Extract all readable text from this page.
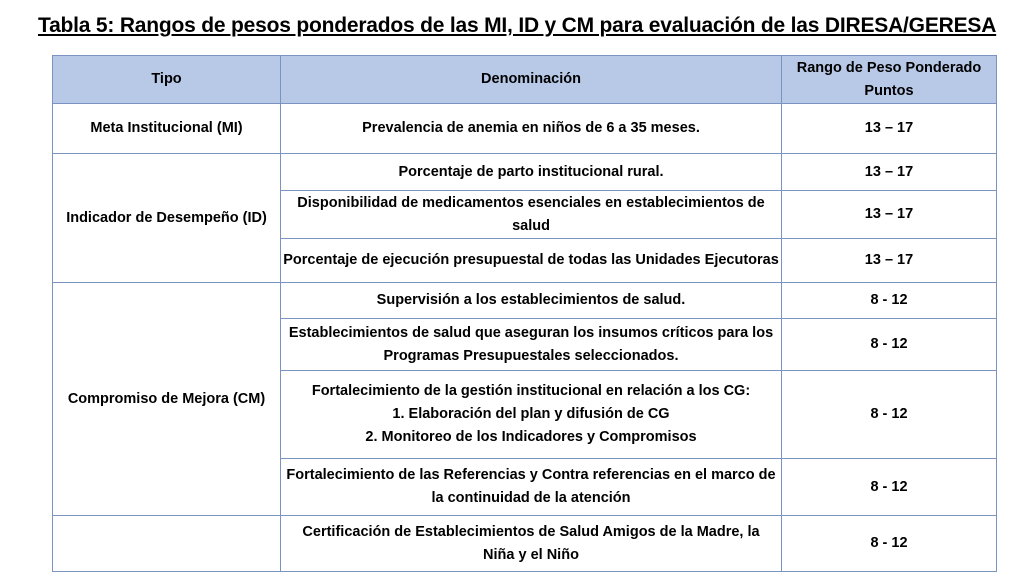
Tabla 5: Rangos de pesos ponderados de las MI, ID y CM para evaluación de las DIRESA/GERESA
Tipo	Denominación	Rango de Peso Ponderado
Puntos

Meta Institucional (MI)	Prevalencia de anemia en niños de 6 a 35 meses.	13 – 17
Indicador de Desempeño (ID)	Porcentaje de parto institucional rural.	13 – 17

	Disponibilidad de medicamentos esenciales en establecimientos de
salud	13 – 17

	Porcentaje de ejecución presupuestal de todas las Unidades Ejecutoras	13 – 17
Compromiso de Mejora (CM)	Supervisión a los establecimientos de salud.	8 - 12

	Establecimientos de salud que aseguran los insumos críticos para los
Programas Presupuestales seleccionados.	8 - 12

	Fortalecimiento de la gestión institucional en relación a los CG:
1. Elaboración del plan y difusión de CG
2. Monitoreo de los Indicadores y Compromisos	8 - 12

	Fortalecimiento de las Referencias y Contra referencias en el marco de
la continuidad de la atención	8 - 12

	Certificación de Establecimientos de Salud Amigos de la Madre, la
Niña y el Niño	8 - 12
